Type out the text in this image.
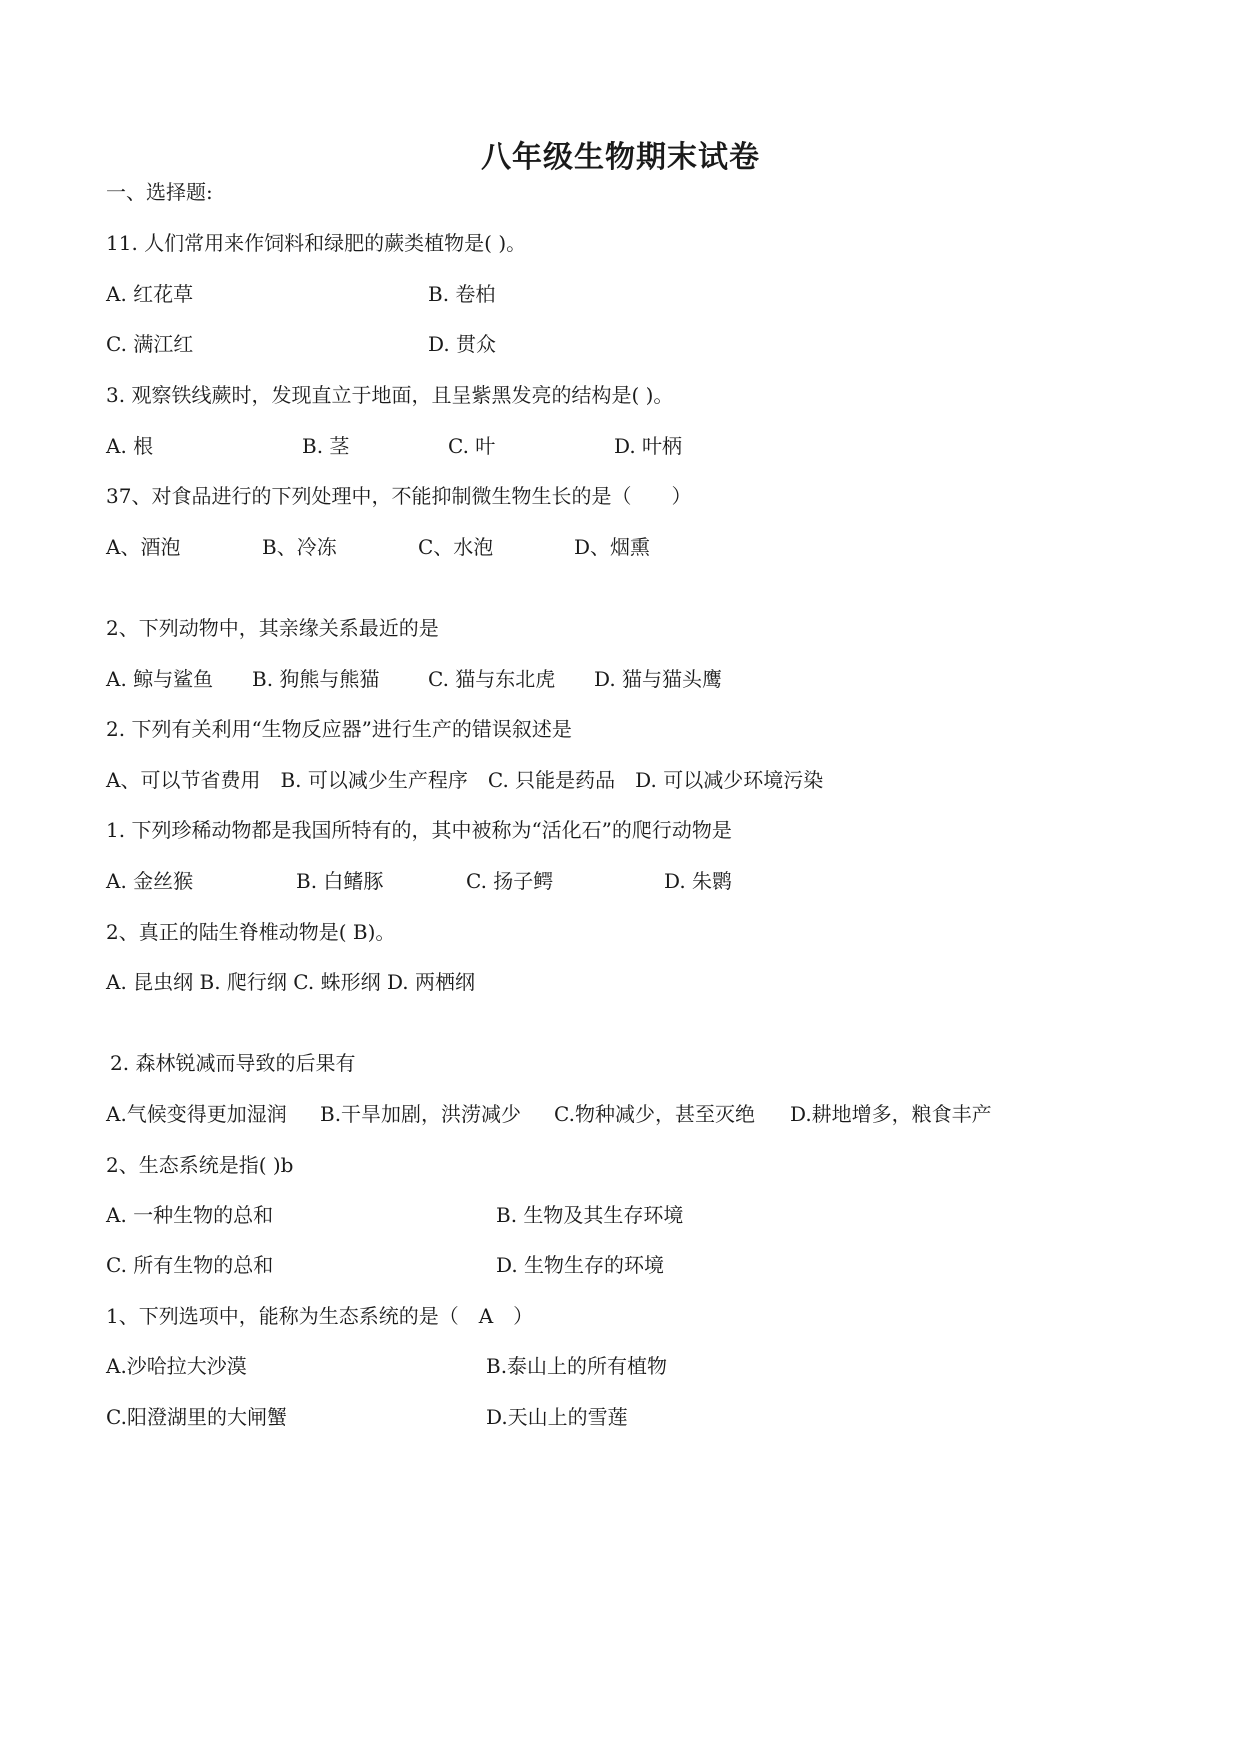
八年级生物期末试卷
一、选择题:
11. 人们常用来作饲料和绿肥的蕨类植物是( )。
A. 红花草	B. 卷柏
C. 满江红	D. 贯众
3. 观察铁线蕨时，发现直立于地面，且呈紫黑发亮的结构是( )。
A. 根	B. 茎	C. 叶	D. 叶柄
37、对食品进行的下列处理中，不能抑制微生物生长的是（　　）
A、酒泡	B、冷冻	C、水泡	D、烟熏
2、下列动物中，其亲缘关系最近的是
A. 鲸与鲨鱼 B. 狗熊与熊猫 C. 猫与东北虎 D. 猫与猫头鹰
2. 下列有关利用“生物反应器”进行生产的错误叙述是
A、可以节省费用　B. 可以减少生产程序　C. 只能是药品　D. 可以减少环境污染
1. 下列珍稀动物都是我国所特有的，其中被称为“活化石”的爬行动物是
A. 金丝猴	B. 白鳍豚	C. 扬子鳄	D. 朱鹮
2、真正的陆生脊椎动物是( B)。
A. 昆虫纲 B. 爬行纲 C. 蛛形纲 D. 两栖纲
2. 森林锐减而导致的后果有
A.气候变得更加湿润 B.干旱加剧，洪涝减少 C.物种减少，甚至灭绝 D.耕地增多，粮食丰产
2、生态系统是指( )b
A. 一种生物的总和	B. 生物及其生存环境
C. 所有生物的总和	D. 生物生存的环境
1、下列选项中，能称为生态系统的是（　A　）
A.沙哈拉大沙漠	B.泰山上的所有植物
C.阳澄湖里的大闸蟹	D.天山上的雪莲
